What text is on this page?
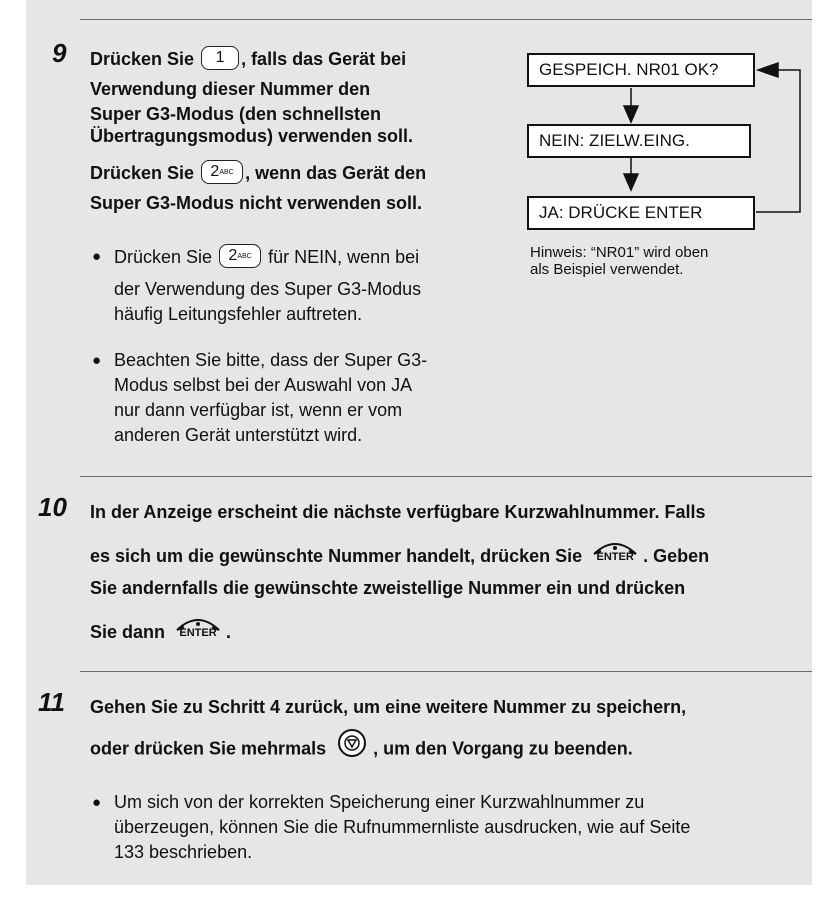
9 Drücken Sie 1 , falls das Gerät bei
Verwendung dieser Nummer den
Super G3-Modus (den schnellsten
Übertragungsmodus) verwenden soll.
Drücken Sie $2^{ABC}$ , wenn das Gerät den
Super G3-Modus nicht verwenden soll.
● Drücken Sie $2^{ABC}$ für NEIN, wenn bei
der Verwendung des Super G3-Modus
häufig Leitungsfehler auftreten.
● Beachten Sie bitte, dass der Super G3-
Modus selbst bei der Auswahl von JA
nur dann verfügbar ist, wenn er vom
anderen Gerät unterstützt wird.
GESPEICH. NR01 OK?
NEIN: ZIELW.EING.
JA: DRÜCKE ENTER
Hinweis: “NR01” wird oben
als Beispiel verwendet.
10 In der Anzeige erscheint die nächste verfügbare Kurzwahlnummer. Falls
es sich um die gewünschte Nummer handelt, drücken Sie	ENTER . Geben
Sie andernfalls die gewünschte zweistellige Nummer ein und drücken
Sie dann	ENTER .
11 Gehen Sie zu Schritt 4 zurück, um eine weitere Nummer zu speichern,
oder drücken Sie mehrmals	, um den Vorgang zu beenden.
● Um sich von der korrekten Speicherung einer Kurzwahlnummer zu
überzeugen, können Sie die Rufnummernliste ausdrucken, wie auf Seite
133 beschrieben.
